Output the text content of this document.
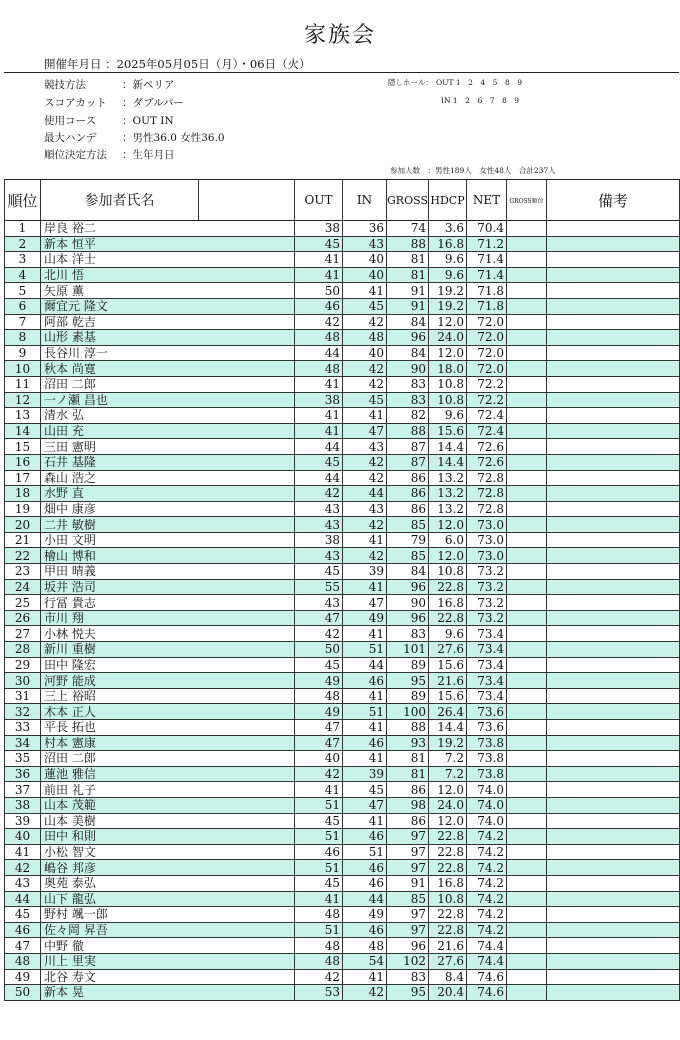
家族会
開催年月日 ：2025年05月05日（月）・06日（火）
競技方法	：新ペリア
スコアカット ：ダブルパー
使用コース ：OUT IN
最大ハンデ ：男性36.0 女性36.0
順位決定方法 ：生年月日
隠しホール： OUT 1　2　4　5　8　9
IN 1　2　6　7　8　9
参加人数　：男性189人　女性48人　合計237人
順位	参加者氏名		OUT	IN	GROSS	HDCP	NET	GROSS順位	備考
1	岸良 裕二		38	36	74	3.6	70.4		
2	新本 恒平		45	43	88	16.8	71.2		
3	山本 洋士		41	40	81	9.6	71.4		
4	北川 悟		41	40	81	9.6	71.4		
5	矢原 薫		50	41	91	19.2	71.8		
6	爾宜元 隆文		46	45	91	19.2	71.8		
7	阿部 乾吉		42	42	84	12.0	72.0		
8	山形 素基		48	48	96	24.0	72.0		
9	長谷川 淳一		44	40	84	12.0	72.0		
10	秋本 尚寛		48	42	90	18.0	72.0		
11	沼田 二郎		41	42	83	10.8	72.2		
12	一ノ瀬 昌也		38	45	83	10.8	72.2		
13	清水 弘		41	41	82	9.6	72.4		
14	山田 充		41	47	88	15.6	72.4		
15	三田 憲明		44	43	87	14.4	72.6		
16	石井 基隆		45	42	87	14.4	72.6		
17	森山 浩之		44	42	86	13.2	72.8		
18	水野 直		42	44	86	13.2	72.8		
19	畑中 康彦		43	43	86	13.2	72.8		
20	二井 敏樹		43	42	85	12.0	73.0		
21	小田 文明		38	41	79	6.0	73.0		
22	檜山 博和		43	42	85	12.0	73.0		
23	甲田 晴義		45	39	84	10.8	73.2		
24	坂井 浩司		55	41	96	22.8	73.2		
25	行冨 貴志		43	47	90	16.8	73.2		
26	市川 翔		47	49	96	22.8	73.2		
27	小林 悦夫		42	41	83	9.6	73.4		
28	新川 重樹		50	51	101	27.6	73.4		
29	田中 隆宏		45	44	89	15.6	73.4		
30	河野 能成		49	46	95	21.6	73.4		
31	三上 裕昭		48	41	89	15.6	73.4		
32	木本 正人		49	51	100	26.4	73.6		
33	平長 拓也		47	41	88	14.4	73.6		
34	村本 憲康		47	46	93	19.2	73.8		
35	沼田 二郎		40	41	81	7.2	73.8		
36	蓮池 雅信		42	39	81	7.2	73.8		
37	前田 礼子		41	45	86	12.0	74.0		
38	山本 茂範		51	47	98	24.0	74.0		
39	山本 美樹		45	41	86	12.0	74.0		
40	田中 和則		51	46	97	22.8	74.2		
41	小松 智文		46	51	97	22.8	74.2		
42	嶋谷 邦彦		51	46	97	22.8	74.2		
43	奥苑 泰弘		45	46	91	16.8	74.2		
44	山下 龍弘		41	44	85	10.8	74.2		
45	野村 颯一郎		48	49	97	22.8	74.2		
46	佐々岡 昇吾		51	46	97	22.8	74.2		
47	中野 徹		48	48	96	21.6	74.4		
48	川上 里実		48	54	102	27.6	74.4		
49	北谷 寿文		42	41	83	8.4	74.6		
50	新本 晃		53	42	95	20.4	74.6		
